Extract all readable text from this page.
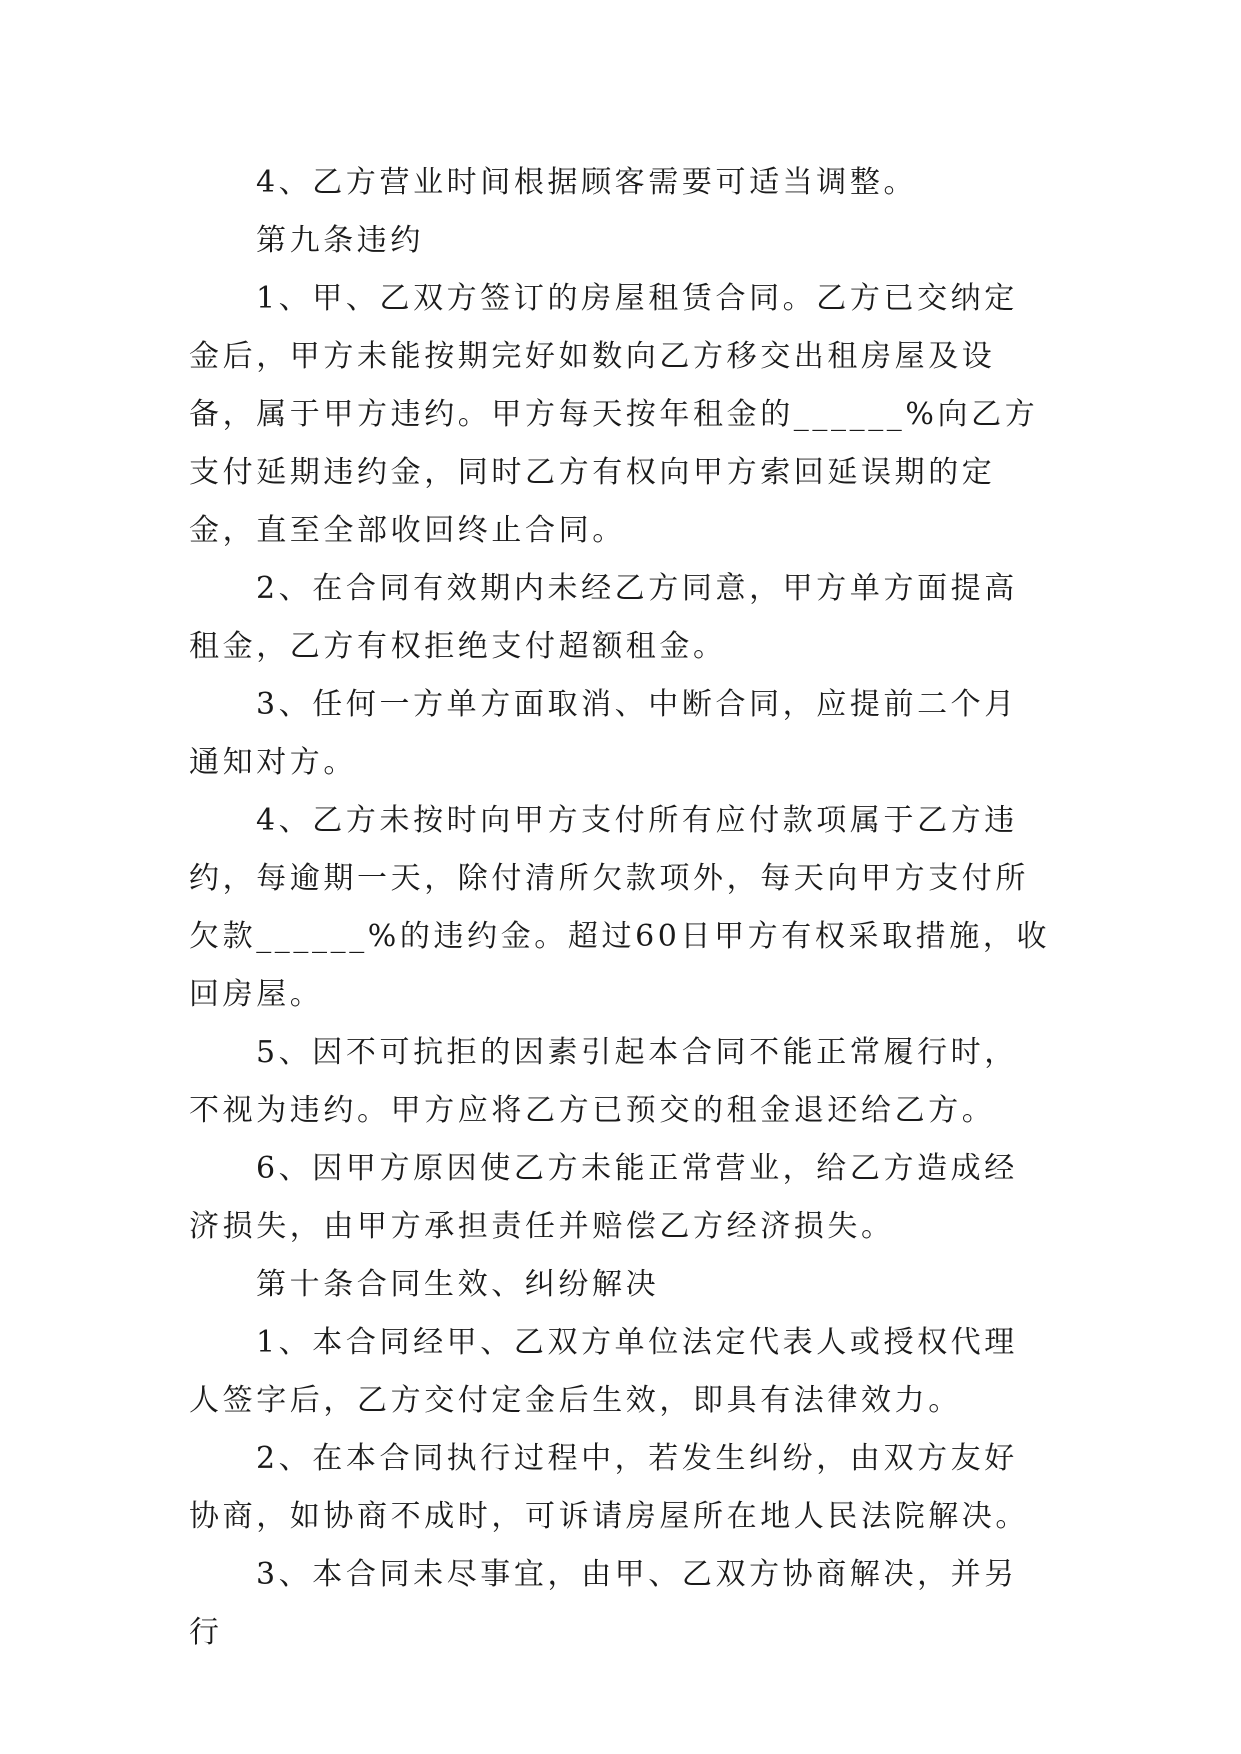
4、乙方营业时间根据顾客需要可适当调整。

第九条违约

1、甲、乙双方签订的房屋租赁合同。乙方已交纳定金后，甲方未能按期完好如数向乙方移交出租房屋及设备，属于甲方违约。甲方每天按年租金的______%向乙方支付延期违约金，同时乙方有权向甲方索回延误期的定金，直至全部收回终止合同。

2、在合同有效期内未经乙方同意，甲方单方面提高租金，乙方有权拒绝支付超额租金。

3、任何一方单方面取消、中断合同，应提前二个月通知对方。

4、乙方未按时向甲方支付所有应付款项属于乙方违约，每逾期一天，除付清所欠款项外，每天向甲方支付所欠款______%的违约金。超过60日甲方有权采取措施，收回房屋。

5、因不可抗拒的因素引起本合同不能正常履行时，不视为违约。甲方应将乙方已预交的租金退还给乙方。

6、因甲方原因使乙方未能正常营业，给乙方造成经济损失，由甲方承担责任并赔偿乙方经济损失。

第十条合同生效、纠纷解决

1、本合同经甲、乙双方单位法定代表人或授权代理人签字后，乙方交付定金后生效，即具有法律效力。

2、在本合同执行过程中，若发生纠纷，由双方友好协商，如协商不成时，可诉请房屋所在地人民法院解决。

3、本合同未尽事宜，由甲、乙双方协商解决，并另行
